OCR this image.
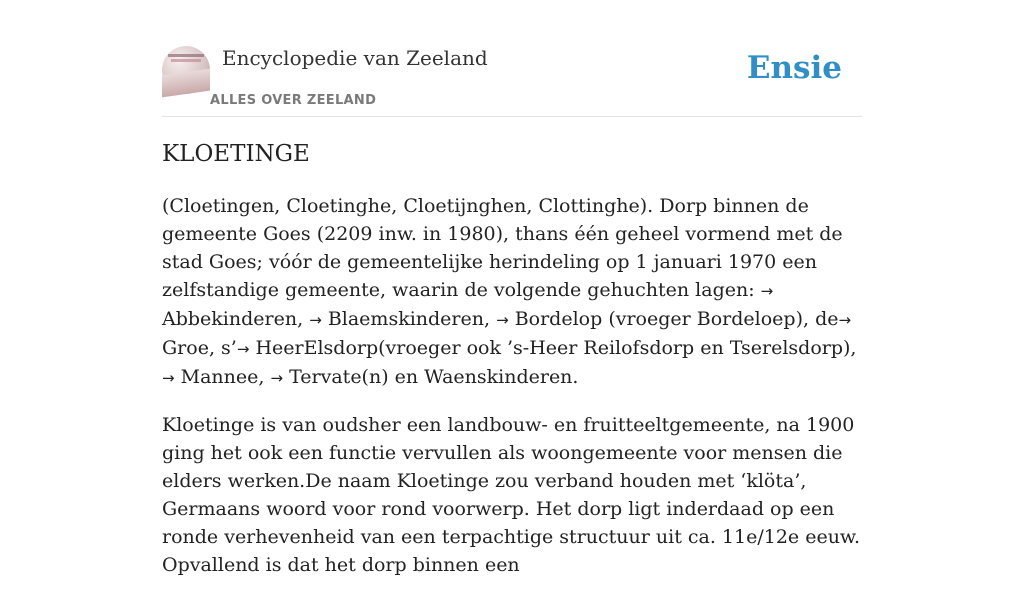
Encyclopedie van Zeeland
ALLES OVER ZEELAND
Ensie
KLOETINGE

(Cloetingen, Cloetinghe, Cloetijnghen, Clottinghe). Dorp binnen de gemeente Goes (2209 inw. in 1980), thans één geheel vormend met de stad Goes; vóór de gemeentelijke herindeling op 1 januari 1970 een zelfstandige gemeente, waarin de volgende gehuchten lagen: → Abbekinderen, → Blaemskinderen, → Bordelop (vroeger Bordeloep), de→ Groe, s’→ HeerElsdorp(vroeger ook ’s-Heer Reilofsdorp en Tserelsdorp), → Mannee, → Tervate(n) en Waenskinderen.

Kloetinge is van oudsher een landbouw- en fruitteeltgemeente, na 1900 ging het ook een functie vervullen als woongemeente voor mensen die elders werken.De naam Kloetinge zou verband houden met ‘klöta’, Germaans woord voor rond voorwerp. Het dorp ligt inderdaad op een ronde verhevenheid van een terpachtige structuur uit ca. 11e/12e eeuw. Opvallend is dat het dorp binnen een
